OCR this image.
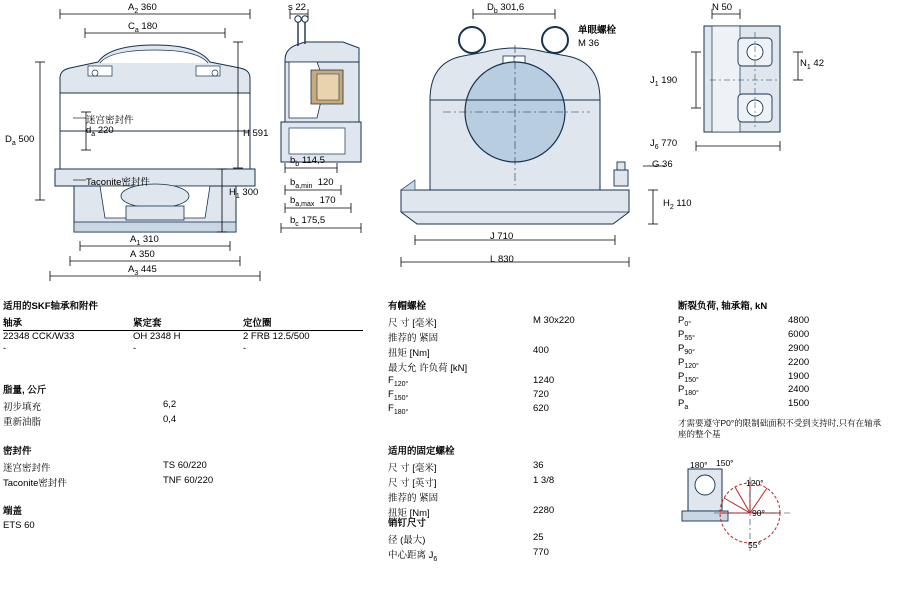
$A_2$ 360
$C_a$ 180
$D_a$ 500
$d_a$ 220	H 591
$H_1$ 300
$A_1$ 310
A 350
$A_3$ 445
迷宫密封件
Taconite密封件
s 22
$b_b$ 114,5
$b_{a,min}$ 120
$b_{a,max}$ 170
$b_c$ 175,5
$D_b$ 301,6
单眼螺栓
M 36
J 710
L 830
$H_2$ 110
G 36
N 50
$N_1$ 42
$J_1$ 190
$J_6$ 770
适用的SKF轴承和附件
轴承	紧定套	定位圈
22348 CCK/W33	OH 2348 H	2 FRB 12.5/500
-	-	-
脂量, 公斤
初步填充	6,2
重新油脂	0,4
密封件
迷宫密封件	TS 60/220
Taconite密封件	TNF 60/220
端盖
ETS 60	
有帽螺栓
尺 寸 [毫米]	M 30x220
推荐的 紧固	
扭矩 [Nm]	400
最大允 许负荷 [kN]	
$F_{120^\circ}$	1240
$F_{150^\circ}$	720
$F_{180^\circ}$	620
适用的固定螺栓
尺 寸 [毫米]	36
尺 寸 [英寸]	1 3/8
推荐的 紧固	
扭矩 [Nm]	2280
销钉尺寸
径 (最大)	25
中心距离 $J_6$	770
断裂负荷, 轴承箱, kN
$P_{0^\circ}$	4800
$P_{55^\circ}$	6000
$P_{90^\circ}$	2900
$P_{120^\circ}$	2200
$P_{150^\circ}$	1900
$P_{180^\circ}$	2400
$P_a$	1500
才需要遵守P0°的限制础面积不受到支持时,只有在轴承座的整个基
180° 150°
120°
90°
55°
